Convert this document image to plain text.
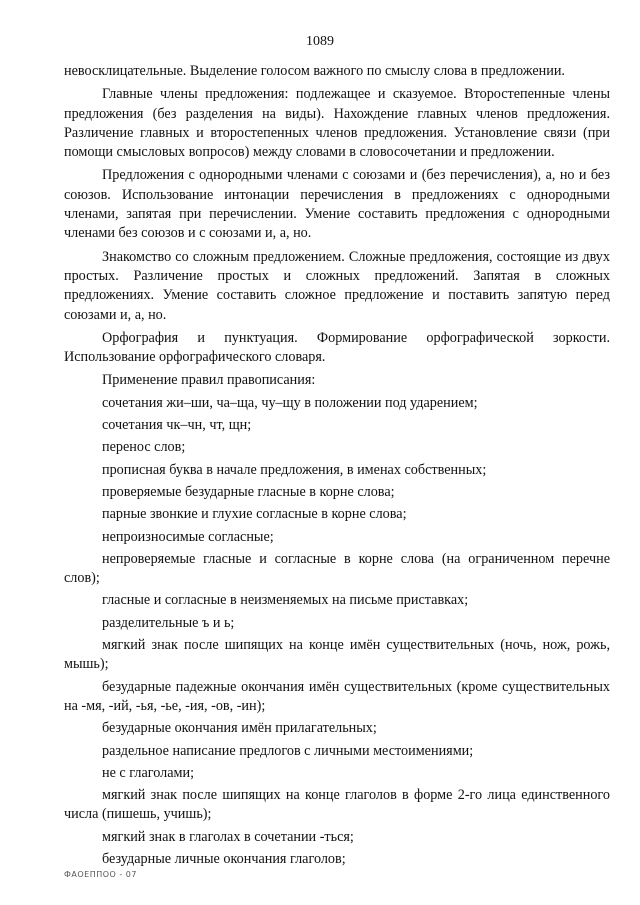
1089

невосклицательные. Выделение голосом важного по смыслу слова в предложении.

Главные члены предложения: подлежащее и сказуемое. Второстепенные члены предложения (без разделения на виды). Нахождение главных членов предложения. Различение главных и второстепенных членов предложения. Установление связи (при помощи смысловых вопросов) между словами в словосочетании и предложении.

Предложения с однородными членами с союзами и (без перечисления), а, но и без союзов. Использование интонации перечисления в предложениях с однородными членами, запятая при перечислении. Умение составить предложения с однородными членами без союзов и с союзами и, а, но.

Знакомство со сложным предложением. Сложные предложения, состоящие из двух простых. Различение простых и сложных предложений. Запятая в сложных предложениях. Умение составить сложное предложение и поставить запятую перед союзами и, а, но.

Орфография и пунктуация. Формирование орфографической зоркости. Использование орфографического словаря.

Применение правил правописания:

сочетания жи–ши, ча–ща, чу–щу в положении под ударением;

сочетания чк–чн, чт, щн;

перенос слов;

прописная буква в начале предложения, в именах собственных;

проверяемые безударные гласные в корне слова;

парные звонкие и глухие согласные в корне слова;

непроизносимые согласные;

непроверяемые гласные и согласные в корне слова (на ограниченном перечне слов);

гласные и согласные в неизменяемых на письме приставках;

разделительные ъ и ь;

мягкий знак после шипящих на конце имён существительных (ночь, нож, рожь, мышь);

безударные падежные окончания имён существительных (кроме существительных на -мя, -ий, -ья, -ье, -ия, -ов, -ин);

безударные окончания имён прилагательных;

раздельное написание предлогов с личными местоимениями;

не с глаголами;

мягкий знак после шипящих на конце глаголов в форме 2-го лица единственного числа (пишешь, учишь);

мягкий знак в глаголах в сочетании -ться;

безударные личные окончания глаголов;

ФАОЕППОО - 07
